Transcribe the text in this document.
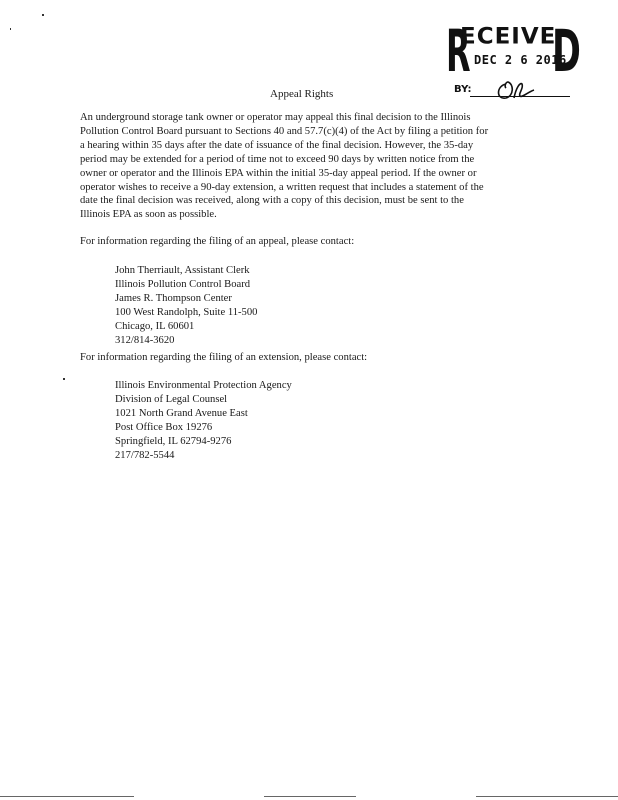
R
ECEIVE
D
DEC 2 6 2016
BY:
Appeal Rights

An underground storage tank owner or operator may appeal this final decision to the Illinois

Pollution Control Board pursuant to Sections 40 and 57.7(c)(4) of the Act by filing a petition for

a hearing within 35 days after the date of issuance of the final decision. However, the 35-day

period may be extended for a period of time not to exceed 90 days by written notice from the

owner or operator and the Illinois EPA within the initial 35-day appeal period. If the owner or

operator wishes to receive a 90-day extension, a written request that includes a statement of the

date the final decision was received, along with a copy of this decision, must be sent to the

Illinois EPA as soon as possible.

For information regarding the filing of an appeal, please contact:
John Therriault, Assistant Clerk
Illinois Pollution Control Board
James R. Thompson Center
100 West Randolph, Suite 11-500
Chicago, IL 60601
312/814-3620
For information regarding the filing of an extension, please contact:
Illinois Environmental Protection Agency
Division of Legal Counsel
1021 North Grand Avenue East
Post Office Box 19276
Springfield, IL 62794-9276
217/782-5544
